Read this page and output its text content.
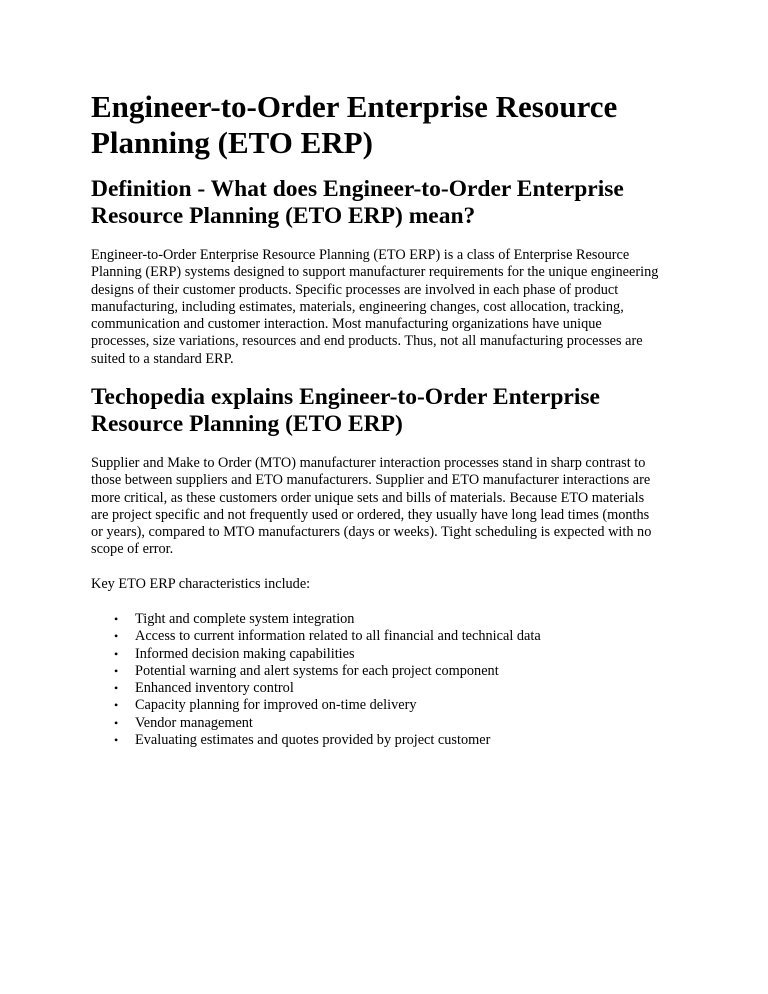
Engineer-to-Order Enterprise Resource Planning (ETO ERP)
Definition - What does Engineer-to-Order Enterprise Resource Planning (ETO ERP) mean?

Engineer-to-Order Enterprise Resource Planning (ETO ERP) is a class of Enterprise Resource Planning (ERP) systems designed to support manufacturer requirements for the unique engineering designs of their customer products. Specific processes are involved in each phase of product manufacturing, including estimates, materials, engineering changes, cost allocation, tracking, communication and customer interaction. Most manufacturing organizations have unique processes, size variations, resources and end products. Thus, not all manufacturing processes are suited to a standard ERP.

Techopedia explains Engineer-to-Order Enterprise Resource Planning (ETO ERP)

Supplier and Make to Order (MTO) manufacturer interaction processes stand in sharp contrast to those between suppliers and ETO manufacturers. Supplier and ETO manufacturer interactions are more critical, as these customers order unique sets and bills of materials. Because ETO materials are project specific and not frequently used or ordered, they usually have long lead times (months or years), compared to MTO manufacturers (days or weeks). Tight scheduling is expected with no scope of error.

Key ETO ERP characteristics include:

• Tight and complete system integration
• Access to current information related to all financial and technical data
• Informed decision making capabilities
• Potential warning and alert systems for each project component
• Enhanced inventory control
• Capacity planning for improved on-time delivery
• Vendor management
• Evaluating estimates and quotes provided by project customer
